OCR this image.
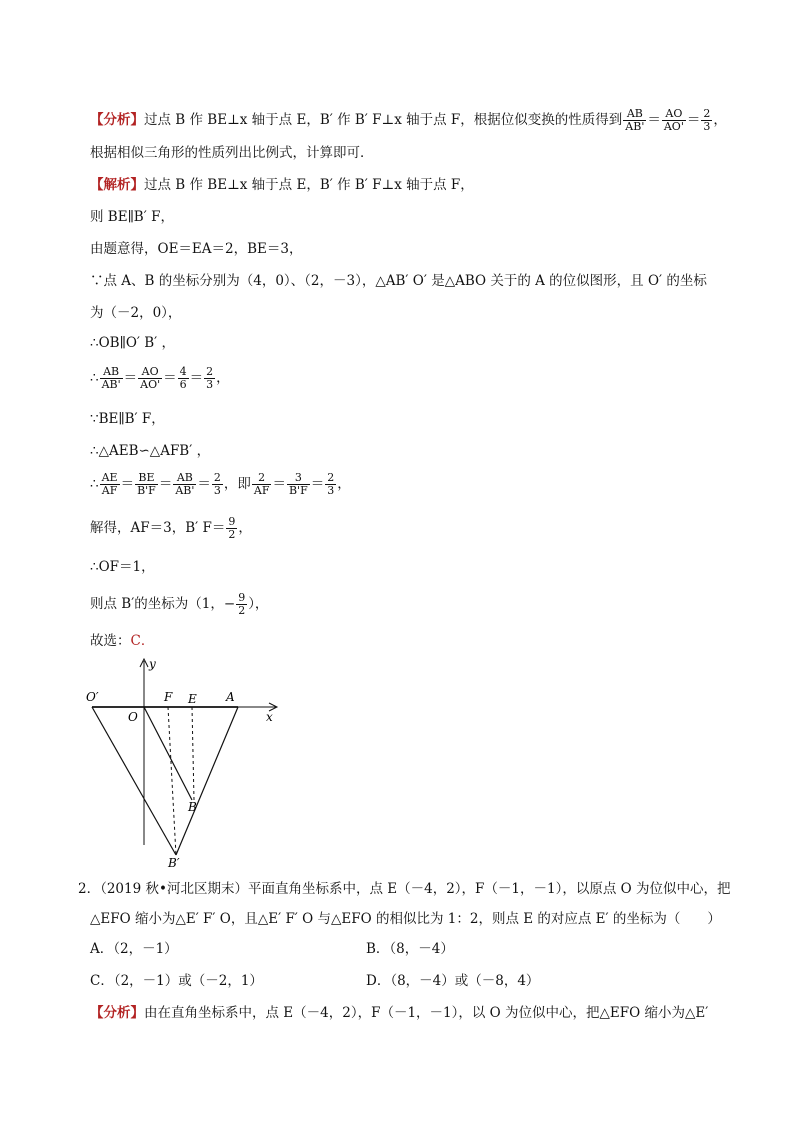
【分析】过点 B 作 BE⊥x 轴于点 E，B′ 作 B′ F⊥x 轴于点 F，根据位似变换的性质得到 $\frac{AB}{AB'} = \frac{AO}{AO'} = \frac{2}{3}$ ，
根据相似三角形的性质列出比例式，计算即可．
【解析】过点 B 作 BE⊥x 轴于点 E，B′ 作 B′ F⊥x 轴于点 F，
则 BE∥B′ F，
由题意得，OE＝EA＝2，BE＝3，
∵点 A、B 的坐标分别为（4，0）、（2，－3），△AB′ O′ 是△ABO 关于的 A 的位似图形，且 O′ 的坐标
为（－2，0），
∴OB∥O′ B′ ，
∴ $\frac{AB}{AB'} = \frac{AO}{AO'} = \frac{4}{6} = \frac{2}{3}$ ，
∵BE∥B′ F，
∴△AEB∽△AFB′ ，
∴ $\frac{AE}{AF} = \frac{BE}{B'F} = \frac{AB}{AB'} = \frac{2}{3}$ ，即 $\frac{2}{AF} = \frac{3}{B'F} = \frac{2}{3}$ ，
解得，AF＝3，B′ $F= \frac{9}{2}$ ，
∴OF＝1，
则点 B′的坐标为（1，− $\frac{9}{2}$ ），
故选：C．
y
O′	F E A
O	x
B
B′
2．（2019 秋•河北区期末）平面直角坐标系中，点 E（－4，2），F（－1，－1），以原点 O 为位似中心，把
△EFO 缩小为△E′ F′ O，且△E′ F′ O 与△EFO 的相似比为 1：2，则点 E 的对应点 E′ 的坐标为（　　）
A．（2，－1）	B．（8，－4）
C．（2，－1）或（－2，1）	D．（8，－4）或（－8，4）
【分析】由在直角坐标系中，点 E（－4，2），F（－1，－1），以 O 为位似中心，把△EFO 缩小为△E′
